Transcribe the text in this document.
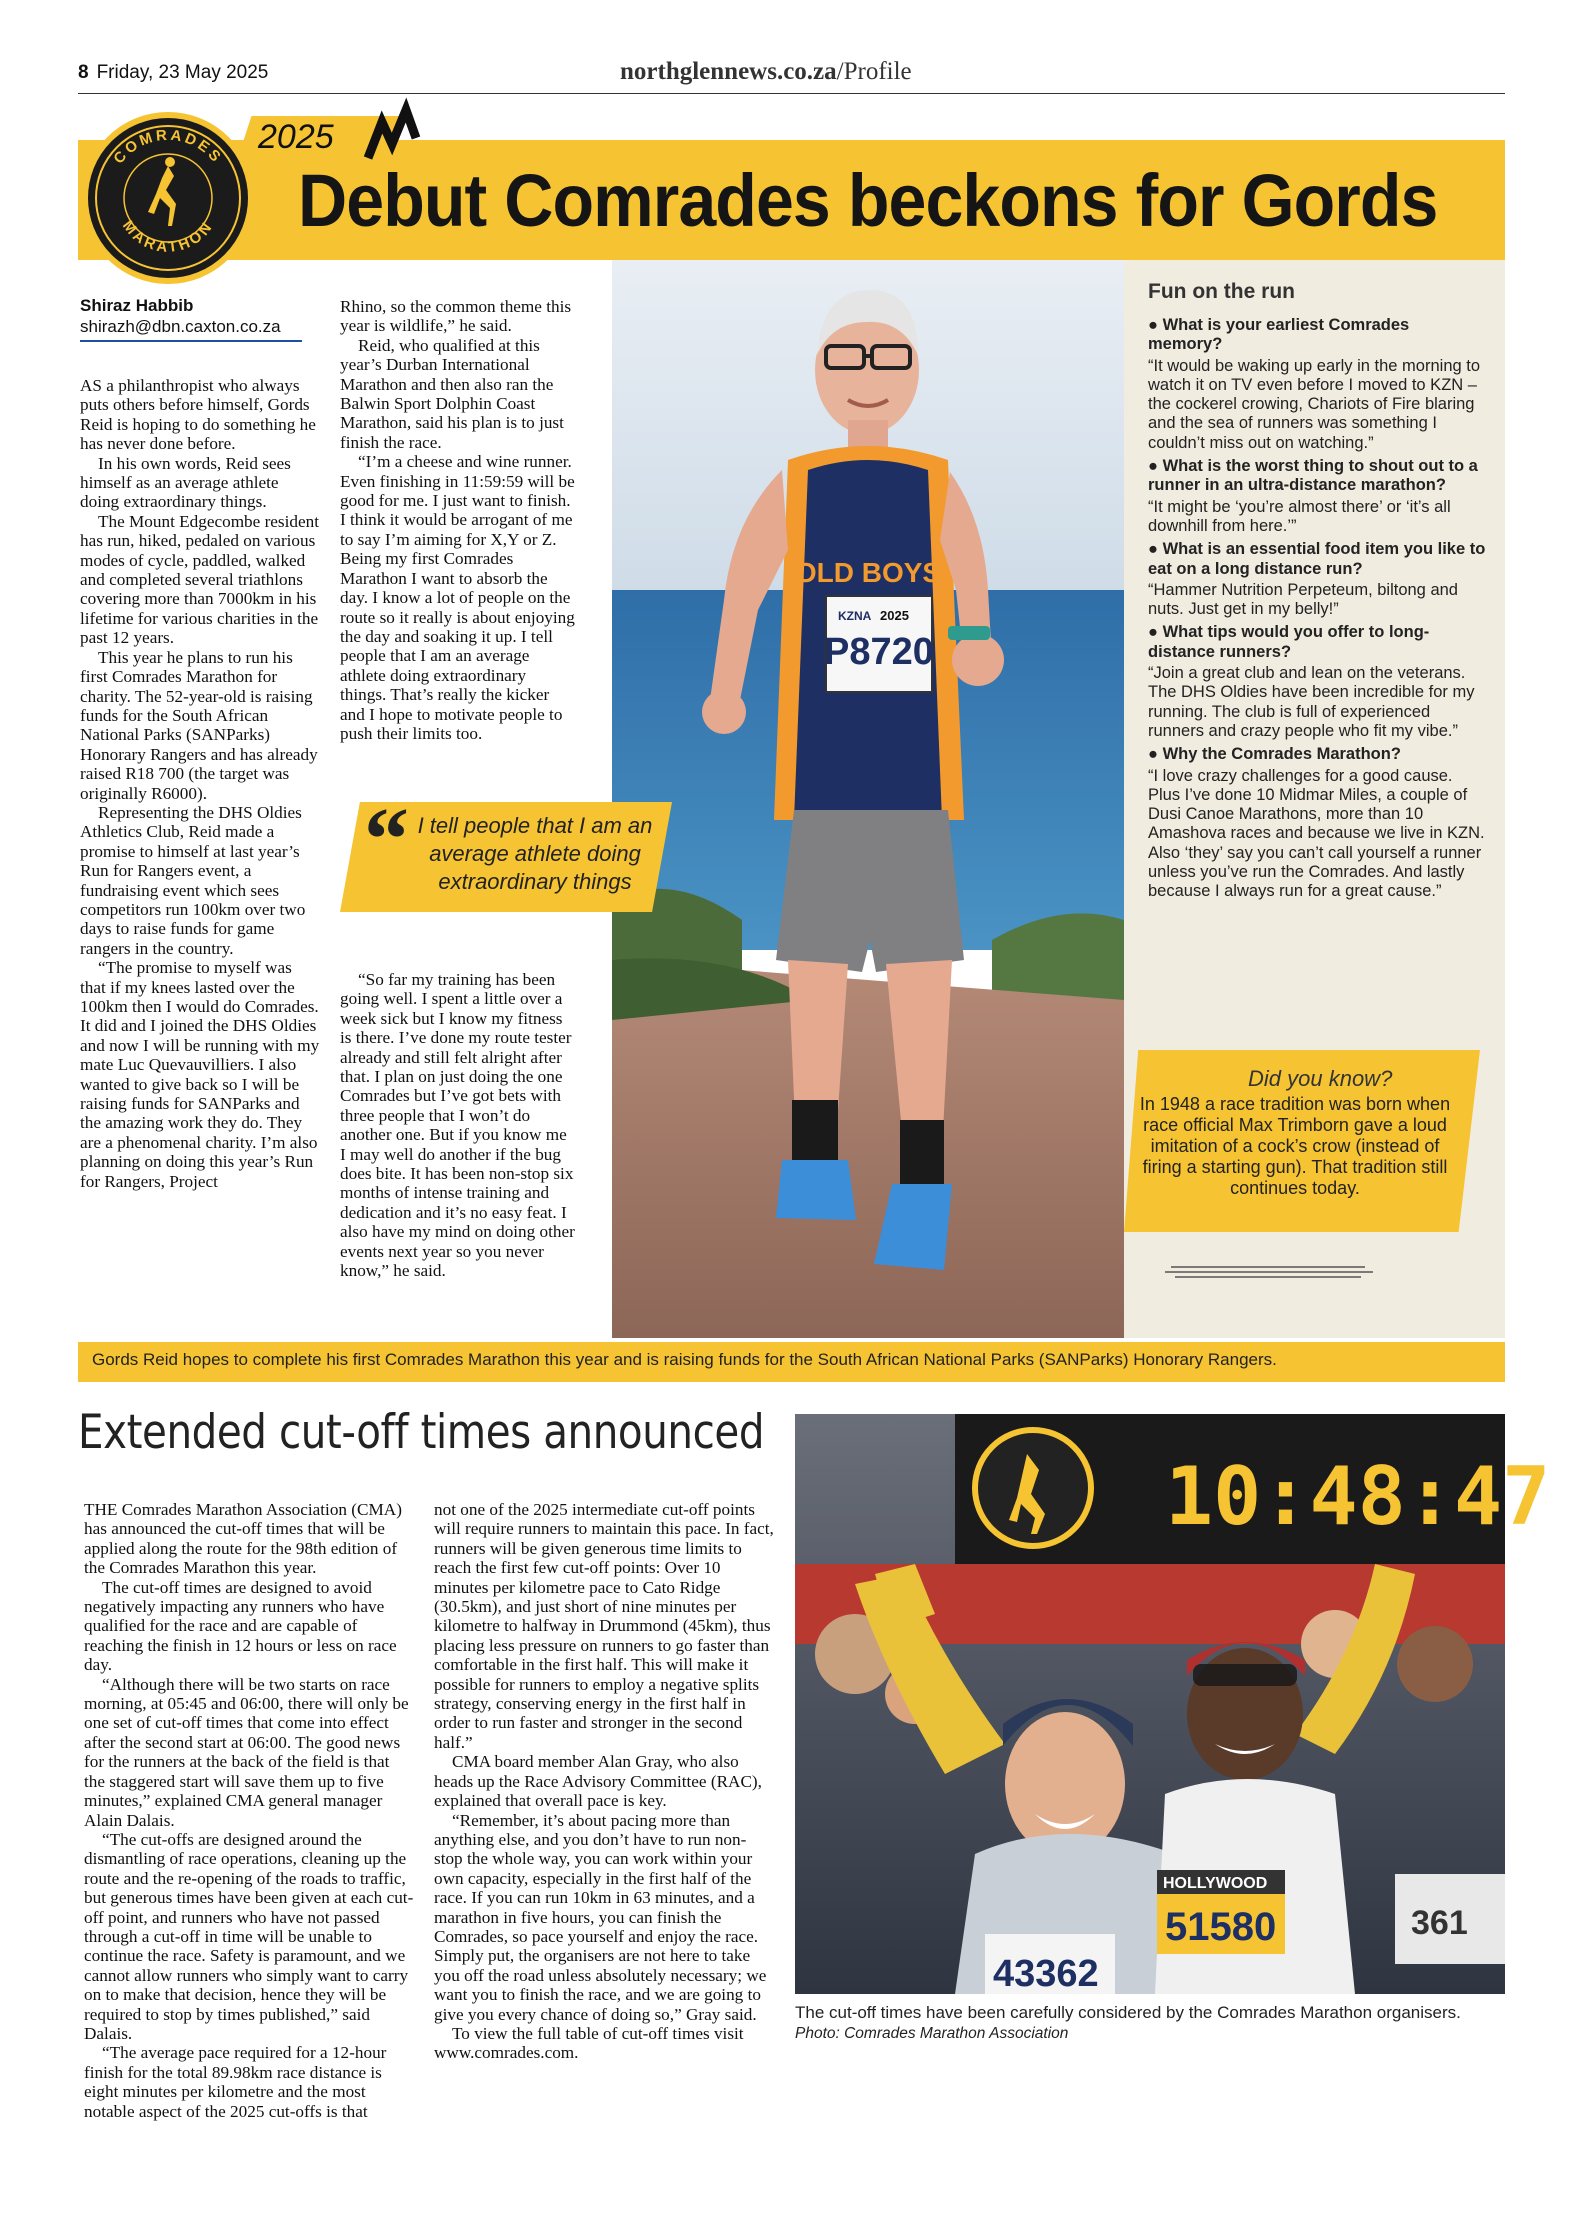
8 Friday, 23 May 2025	northglennews.co.za/Profile
2025
COMRADES
MARATHON Debut Comrades beckons for Gords
Shiraz Habbib
shirazh@dbn.caxton.co.za

AS a philanthropist who always puts others before himself, Gords Reid is hoping to do something he has never done before.

In his own words, Reid sees himself as an average athlete doing extraordinary things.

The Mount Edgecombe resident has run, hiked, pedaled on various modes of cycle, paddled, walked and completed several triathlons covering more than 7000km in his lifetime for various charities in the past 12 years.

This year he plans to run his first Comrades Marathon for charity. The 52-year-old is raising funds for the South African National Parks (SANParks) Honorary Rangers and has already raised R18 700 (the target was originally R6000).

Representing the DHS Oldies Athletics Club, Reid made a promise to himself at last year’s Run for Rangers event, a fundraising event which sees competitors run 100km over two days to raise funds for game rangers in the country.

“The promise to myself was that if my knees lasted over the 100km then I would do Comrades. It did and I joined the DHS Oldies and now I will be running with my mate Luc Quevauvilliers. I also wanted to give back so I will be raising funds for SANParks and the amazing work they do. They are a phenomenal charity. I’m also planning on doing this year’s Run for Rangers, Project

Rhino, so the common theme this year is wildlife,” he said.

Reid, who qualified at this year’s Durban International Marathon and then also ran the Balwin Sport Dolphin Coast Marathon, said his plan is to just finish the race.

“I’m a cheese and wine runner. Even finishing in 11:59:59 will be good for me. I just want to finish. I think it would be arrogant of me to say I’m aiming for X,Y or Z. Being my first Comrades Marathon I want to absorb the day. I know a lot of people on the route so it really is about enjoying the day and soaking it up. I tell people that I am an average athlete doing extraordinary things. That’s really the kicker and I hope to motivate people to push their limits too.

“So far my training has been going well. I spent a little over a week sick but I know my fitness is there. I’ve done my route tester already and still felt alright after that. I plan on just doing the one Comrades but I’ve got bets with three people that I won’t do another one. But if you know me I may well do another if the bug does bite. It has been non-stop six months of intense training and dedication and it’s no easy feat. I also have my mind on doing other events next year so you never know,” he said.

OLD BOYS
KZNA 2025
P8720
“ I tell people that I am an average athlete doing extraordinary things
Fun on the run

● What is your earliest Comrades memory?

“It would be waking up early in the morning to watch it on TV even before I moved to KZN – the cockerel crowing, Chariots of Fire blaring and the sea of runners was something I couldn’t miss out on watching.”

● What is the worst thing to shout out to a runner in an ultra-distance marathon?

“It might be ‘you’re almost there’ or ‘it’s all downhill from here.’”

● What is an essential food item you like to eat on a long distance run?

“Hammer Nutrition Perpeteum, biltong and nuts. Just get in my belly!”

● What tips would you offer to long-distance runners?

“Join a great club and lean on the veterans. The DHS Oldies have been incredible for my running. The club is full of experienced runners and crazy people who fit my vibe.”

● Why the Comrades Marathon?

“I love crazy challenges for a good cause. Plus I’ve done 10 Midmar Miles, a couple of Dusi Canoe Marathons, more than 10 Amashova races and because we live in KZN. Also ‘they’ say you can’t call yourself a runner unless you’ve run the Comrades. And lastly because I always run for a great cause.”

Did you know?
In 1948 a race tradition was born when race official Max Trimborn gave a loud imitation of a cock’s crow (instead of firing a starting gun). That tradition still continues today.
Gords Reid hopes to complete his first Comrades Marathon this year and is raising funds for the South African National Parks (SANParks) Honorary Rangers.
Extended cut-off times announced

THE Comrades Marathon Association (CMA) has announced the cut-off times that will be applied along the route for the 98th edition of the Comrades Marathon this year.

The cut-off times are designed to avoid negatively impacting any runners who have qualified for the race and are capable of reaching the finish in 12 hours or less on race day.

“Although there will be two starts on race morning, at 05:45 and 06:00, there will only be one set of cut-off times that come into effect after the second start at 06:00. The good news for the runners at the back of the field is that the staggered start will save them up to five minutes,” explained CMA general manager Alain Dalais.

“The cut-offs are designed around the dismantling of race operations, cleaning up the route and the re-opening of the roads to traffic, but generous times have been given at each cut-off point, and runners who have not passed through a cut-off in time will be unable to continue the race. Safety is paramount, and we cannot allow runners who simply want to carry on to make that decision, hence they will be required to stop by times published,” said Dalais.

“The average pace required for a 12-hour finish for the total 89.98km race distance is eight minutes per kilometre and the most notable aspect of the 2025 cut-offs is that

not one of the 2025 intermediate cut-off points will require runners to maintain this pace. In fact, runners will be given generous time limits to reach the first few cut-off points: Over 10 minutes per kilometre pace to Cato Ridge (30.5km), and just short of nine minutes per kilometre to halfway in Drummond (45km), thus placing less pressure on runners to go faster than comfortable in the first half. This will make it possible for runners to employ a negative splits strategy, conserving energy in the first half in order to run faster and stronger in the second half.”

CMA board member Alan Gray, who also heads up the Race Advisory Committee (RAC), explained that overall pace is key.

“Remember, it’s about pacing more than anything else, and you don’t have to run non-stop the whole way, you can work within your own capacity, especially in the first half of the race. If you can run 10km in 63 minutes, and a marathon in five hours, you can finish the Comrades, so pace yourself and enjoy the race. Simply put, the organisers are not here to take you off the road unless absolutely necessary; we want you to finish the race, and we are going to give you every chance of doing so,” Gray said.

To view the full table of cut-off times visit www.comrades.com.

10:48:47
43362
HOLLYWOOD
51580	361
The cut-off times have been carefully considered by the Comrades Marathon organisers. Photo: Comrades Marathon Association
